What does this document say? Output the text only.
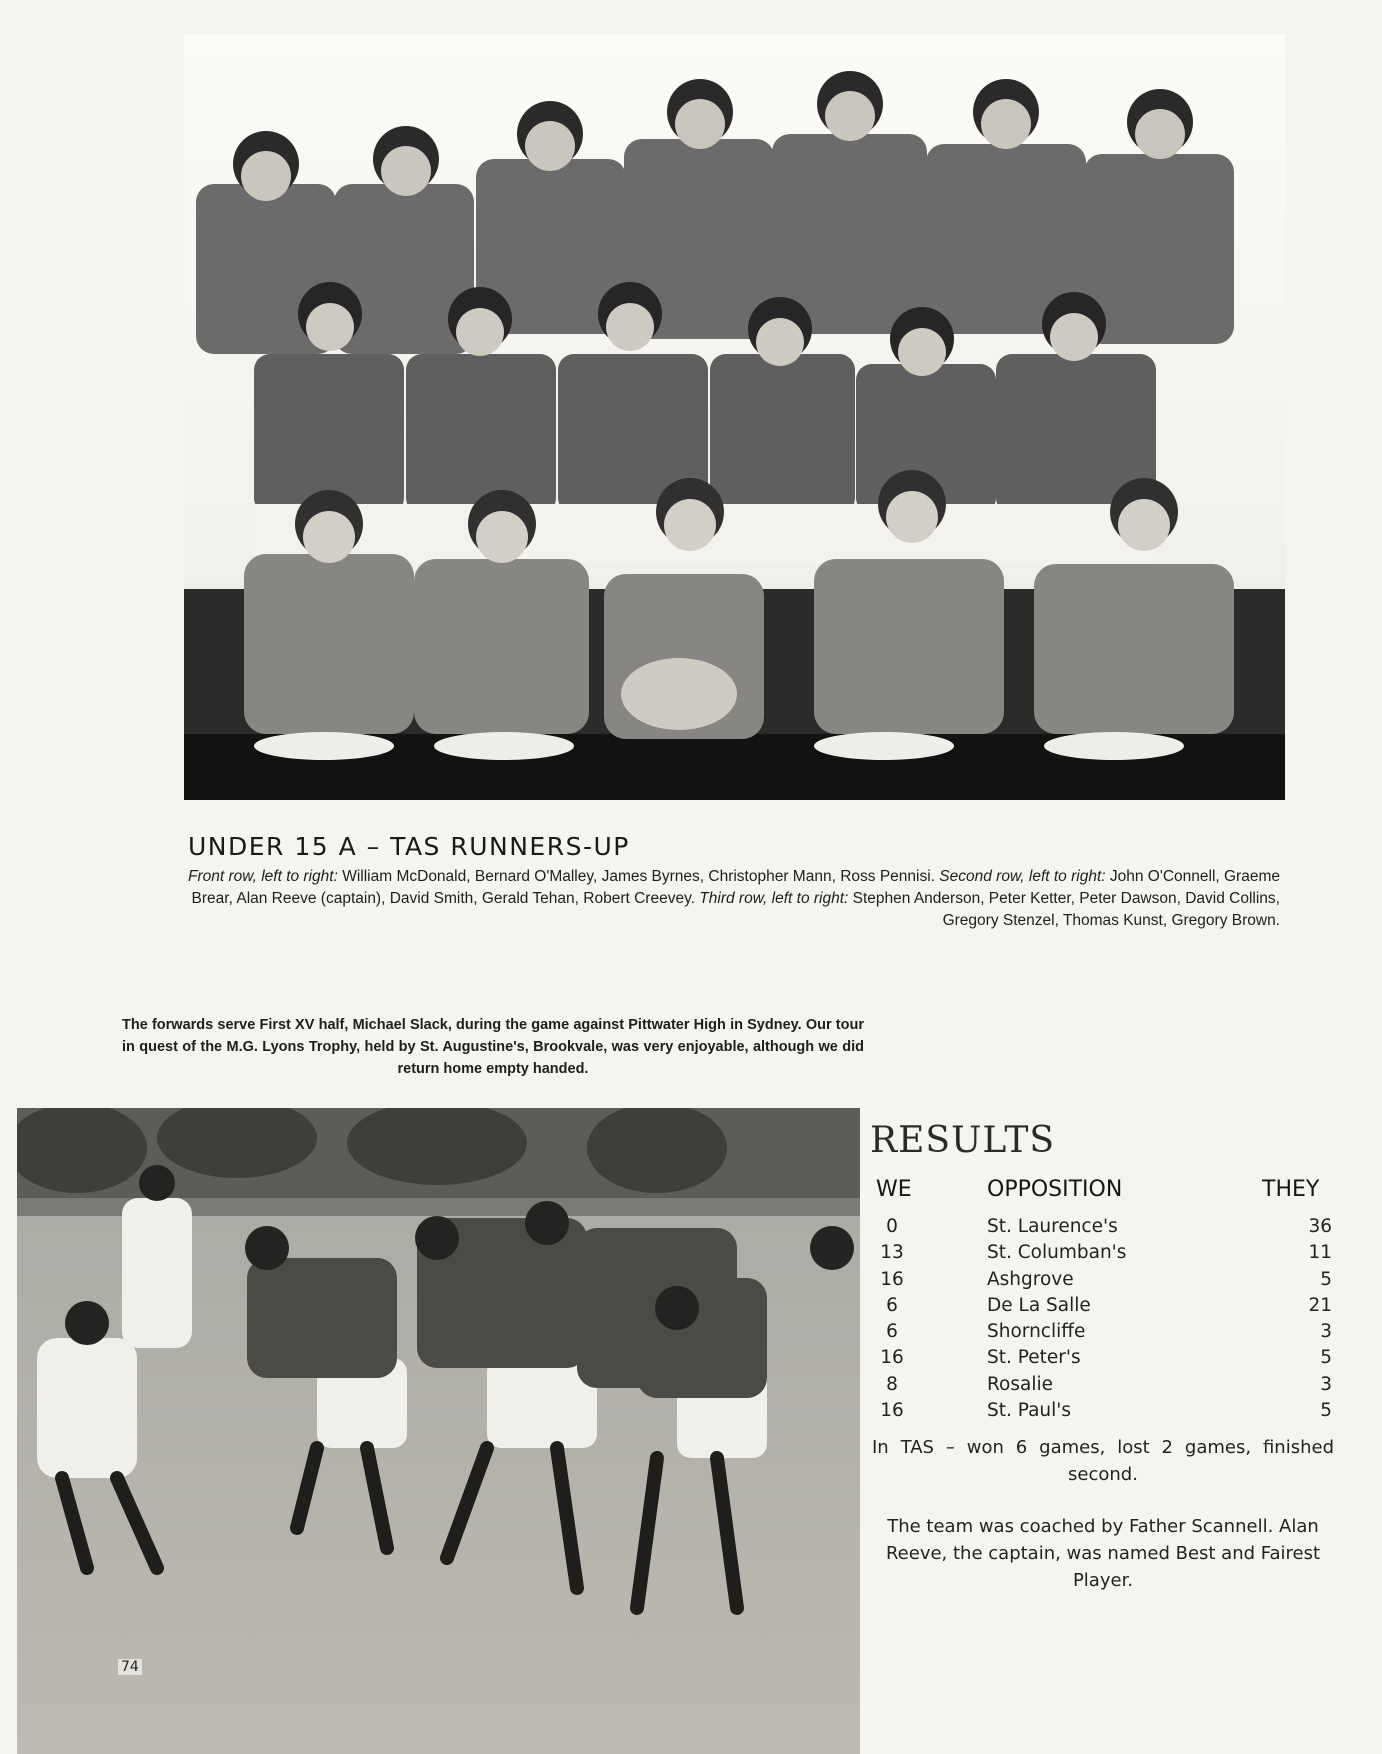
UNDER 15 A – TAS RUNNERS-UP
Front row, left to right: William McDonald, Bernard O'Malley, James Byrnes, Christopher Mann, Ross Pennisi. Second row, left to right: John O'Connell, Graeme Brear, Alan Reeve (captain), David Smith, Gerald Tehan, Robert Creevey. Third row, left to right: Stephen Anderson, Peter Ketter, Peter Dawson, David Collins, Gregory Stenzel, Thomas Kunst, Gregory Brown.
The forwards serve First XV half, Michael Slack, during the game against Pittwater High in Sydney. Our tour in quest of the M.G. Lyons Trophy, held by St. Augustine's, Brookvale, was very enjoyable, although we did return home empty handed.
74
RESULTS
WE	OPPOSITION	THEY
0	St. Laurence's	36
13	St. Columban's	11
16	Ashgrove	5
6	De La Salle	21
6	Shorncliffe	3
16	St. Peter's	5
8	Rosalie	3
16	St. Paul's	5
In TAS – won 6 games, lost 2 games, finished second.
The team was coached by Father Scannell. Alan Reeve, the captain, was named Best and Fairest Player.
